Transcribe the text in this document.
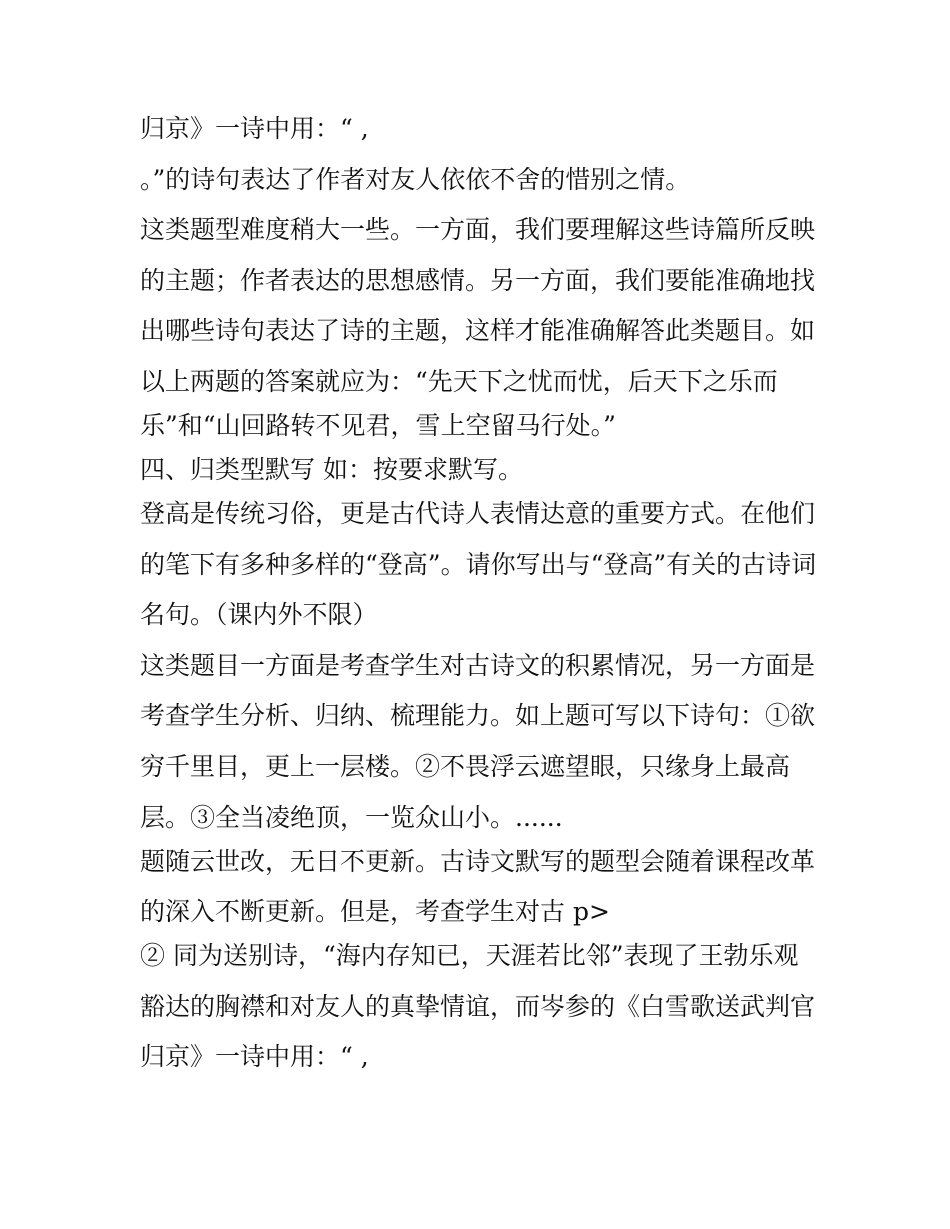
归京》一诗中用：“ ,
。”的诗句表达了作者对友人依依不舍的惜别之情。
这类题型难度稍大一些。一方面，我们要理解这些诗篇所反映
的主题；作者表达的思想感情。另一方面，我们要能准确地找
出哪些诗句表达了诗的主题，这样才能准确解答此类题目。如
以上两题的答案就应为：“先天下之忧而忧，后天下之乐而
乐”和“山回路转不见君，雪上空留马行处。”
四、归类型默写 如：按要求默写。
登高是传统习俗，更是古代诗人表情达意的重要方式。在他们
的笔下有多种多样的“登高”。请你写出与“登高”有关的古诗词
名句。（课内外不限）
这类题目一方面是考查学生对古诗文的积累情况，另一方面是
考查学生分析、归纳、梳理能力。如上题可写以下诗句：①欲
穷千里目，更上一层楼。②不畏浮云遮望眼，只缘身上最高
层。③全当凌绝顶，一览众山小。......
题随云世改，无日不更新。古诗文默写的题型会随着课程改革
的深入不断更新。但是，考查学生对古 p>
② 同为送别诗，“海内存知已，天涯若比邻”表现了王勃乐观
豁达的胸襟和对友人的真挚情谊，而岑参的《白雪歌送武判官
归京》一诗中用：“ ,
